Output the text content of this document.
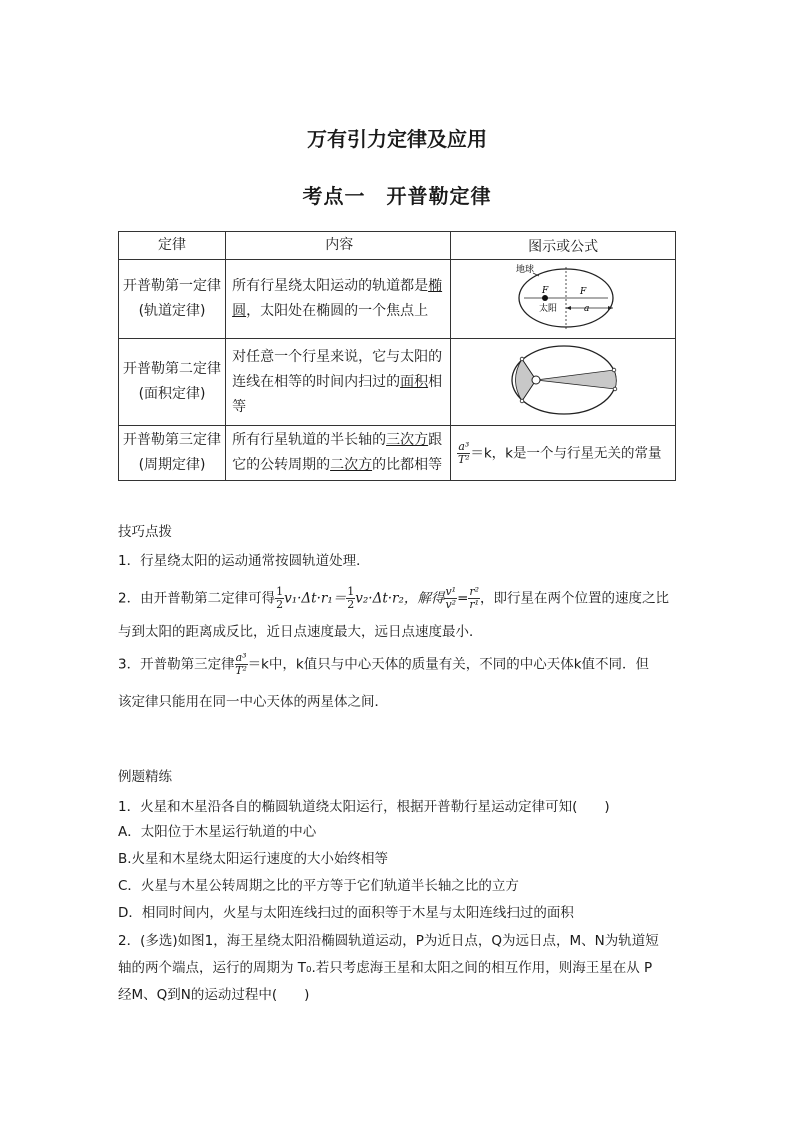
万有引力定律及应用
考点一　开普勒定律
定律	内容	图示或公式
开普勒第一定律(轨道定律)	所有行星绕太阳运动的轨道都是椭圆，太阳处在椭圆的一个焦点上	F F
太阳 a
地球

开普勒第二定律(面积定律)	对任意一个行星来说，它与太阳的连线在相等的时间内扫过的面积相等	
开普勒第三定律(周期定律)	所有行星轨道的半长轴的三次方跟它的公转周期的二次方的比都相等	$\frac{\text{a³}}{\text{T²}} =k$，k是一个与行星无关的常量
技巧点拨
1．行星绕太阳的运动通常按圆轨道处理．
2．由开普勒第二定律可得 $\frac{1}{2} v_1\cdot\Delta t\cdot r_1= \frac{1}{2} v_2\cdot\Delta t\cdot r_2$，解得 $\frac{\text{v¹}}{\text{v²}} = \frac{\text{r²}}{\text{r¹}}$ ，即行星在两个位置的速度之比
与到太阳的距离成反比，近日点速度最大，远日点速度最小．
3．开普勒第三定律 $\frac{\text{a³}}{\text{T²}} =k$中，k值只与中心天体的质量有关，不同的中心天体k值不同．但
该定律只能用在同一中心天体的两星体之间．
例题精练
1．火星和木星沿各自的椭圆轨道绕太阳运行，根据开普勒行星运动定律可知(　　)
A．太阳位于木星运行轨道的中心
B.火星和木星绕太阳运行速度的大小始终相等
C．火星与木星公转周期之比的平方等于它们轨道半长轴之比的立方
D．相同时间内，火星与太阳连线扫过的面积等于木星与太阳连线扫过的面积
2．(多选)如图1，海王星绕太阳沿椭圆轨道运动，P为近日点，Q为远日点，M、N为轨道短
轴的两个端点，运行的周期为 T₀.若只考虑海王星和太阳之间的相互作用，则海王星在从 P
经M、Q到N的运动过程中(　　)
